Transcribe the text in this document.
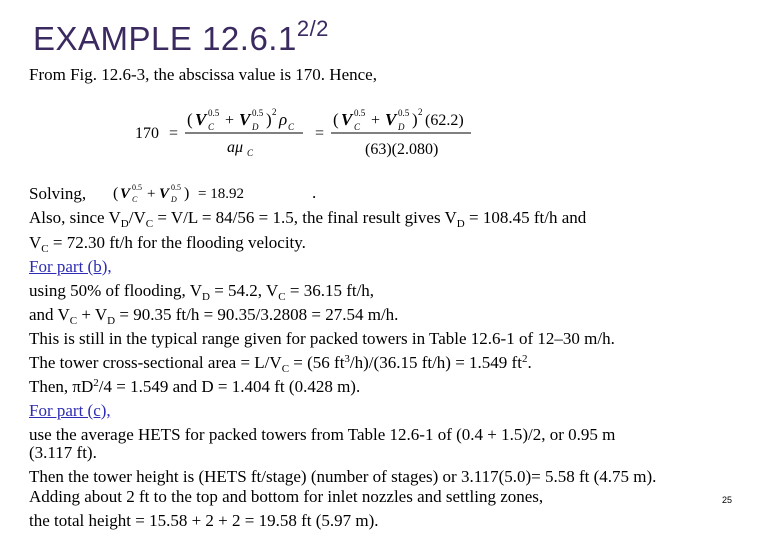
EXAMPLE $12.6.1^{2/2}$
From Fig. 12.6-3, the abscissa value is 170. Hence,
170 =
( V 0.5
C + V 0.5
D ) 2 ρ C
aμ C
=
( V 0.5
C + V 0.5
D ) 2 (62.2)
(63)(2.080)
Solving, ( V 0.5
C + V 0.5
D ) = 18.92	.
Also, since $V_D/V_C = V/L = 84/56 = 1.5$, the final result gives $V_D = 108.45$ ft/h and
$V_C = 72.30$ ft/h for the flooding velocity.
For part (b),
using 50% of flooding, $V_D = 54.2$, $V_C = 36.15$ ft/h,
and $V_C + V_D = 90.35$ ft/h = 90.35/3.2808 = 27.54 m/h.
This is still in the typical range given for packed towers in Table 12.6-1 of 12–30 m/h.
The tower cross-sectional area = $L/V_C = (56$ $ft^3/h)/(36.15$ ft/h) = 1.549 $ft^2$.
Then, $\pi D^2/4 = 1.549$ and D = 1.404 ft (0.428 m).
For part (c),
use the average HETS for packed towers from Table 12.6-1 of (0.4 + 1.5)/2, or 0.95 m
(3.117 ft).
Then the tower height is (HETS ft/stage) (number of stages) or 3.117(5.0)= 5.58 ft (4.75 m).
Adding about 2 ft to the top and bottom for inlet nozzles and settling zones,	25
the total height = 15.58 + 2 + 2 = 19.58 ft (5.97 m).
